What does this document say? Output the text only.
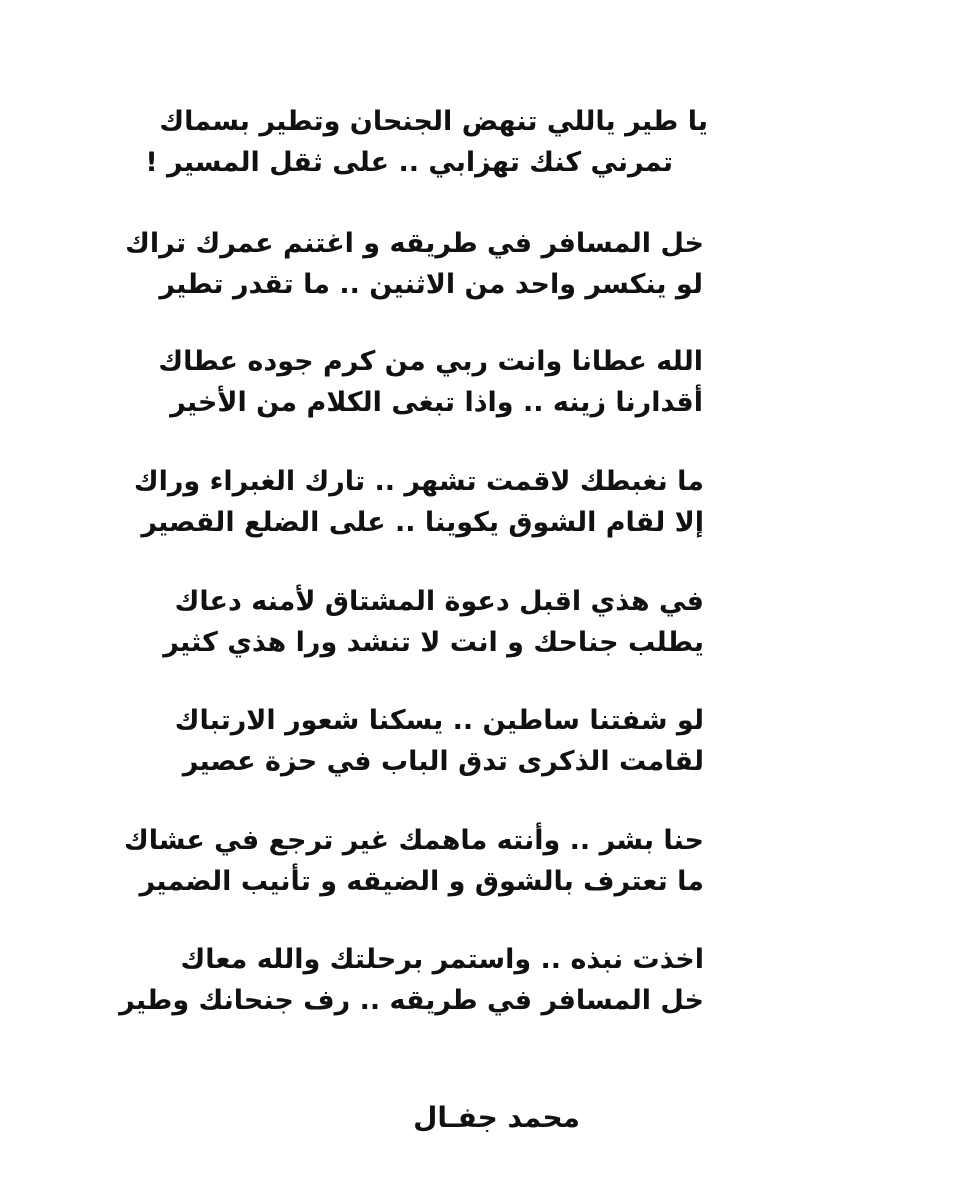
يا طير ياللي تنهض الجنحان وتطير بسماك
تمرني كنك تهزابي .. على ثقل المسير !
خل المسافر في طريقه و اغتنم عمرك تراك
لو ينكسر واحد من الاثنين .. ما تقدر تطير
الله عطانا وانت ربي من كرم جوده عطاك
أقدارنا زينه .. واذا تبغى الكلام من الأخير
ما نغبطك لاقمت تشهر .. تارك الغبراء وراك
إلا لقام الشوق يكوينا .. على الضلع القصير
في هذي اقبل دعوة المشتاق لأمنه دعاك
يطلب جناحك و انت لا تنشد ورا هذي كثير
لو شفتنا ساطين .. يسكنا شعور الارتباك
لقامت الذكرى تدق الباب في حزة عصير
حنا بشر .. وأنته ماهمك غير ترجع في عشاك
ما تعترف بالشوق و الضيقه و تأنيب الضمير
اخذت نبذه .. واستمر برحلتك والله معاك
خل المسافر في طريقه .. رف جنحانك وطير
محمد جفـال
